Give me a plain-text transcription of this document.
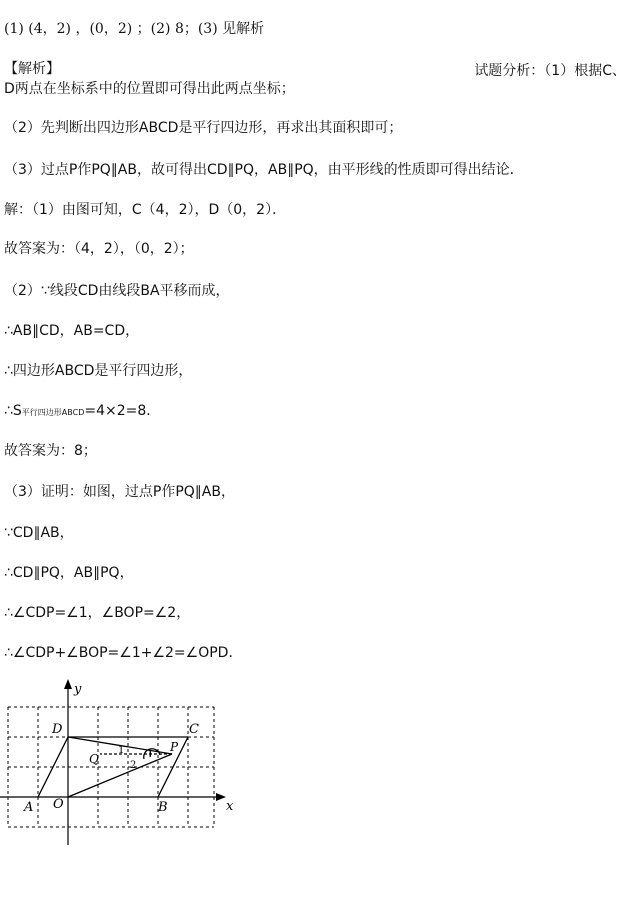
(1) (4，2) ，(0，2) ；(2) 8；(3) 见解析
【解析】	试题分析：（1）根据C、
D两点在坐标系中的位置即可得出此两点坐标；
（2）先判断出四边形ABCD是平行四边形，再求出其面积即可；
（3）过点P作PQ∥AB，故可得出CD∥PQ，AB∥PQ，由平形线的性质即可得出结论．
解：（1）由图可知，C（4，2），D（0，2）．
故答案为：（4，2），（0，2）；
（2）∵线段CD由线段BA平移而成，
∴AB∥CD，AB=CD，
∴四边形ABCD是平行四边形，
∴S平行四边形ABCD=4×2=8．
故答案为：8；
（3）证明：如图，过点P作PQ∥AB，
∵CD∥AB，
∴CD∥PQ，AB∥PQ，
∴∠CDP=∠1，∠BOP=∠2，
∴∠CDP+∠BOP=∠1+∠2=∠OPD．
y
x
D	C
P
Q
1
2
A O	B
